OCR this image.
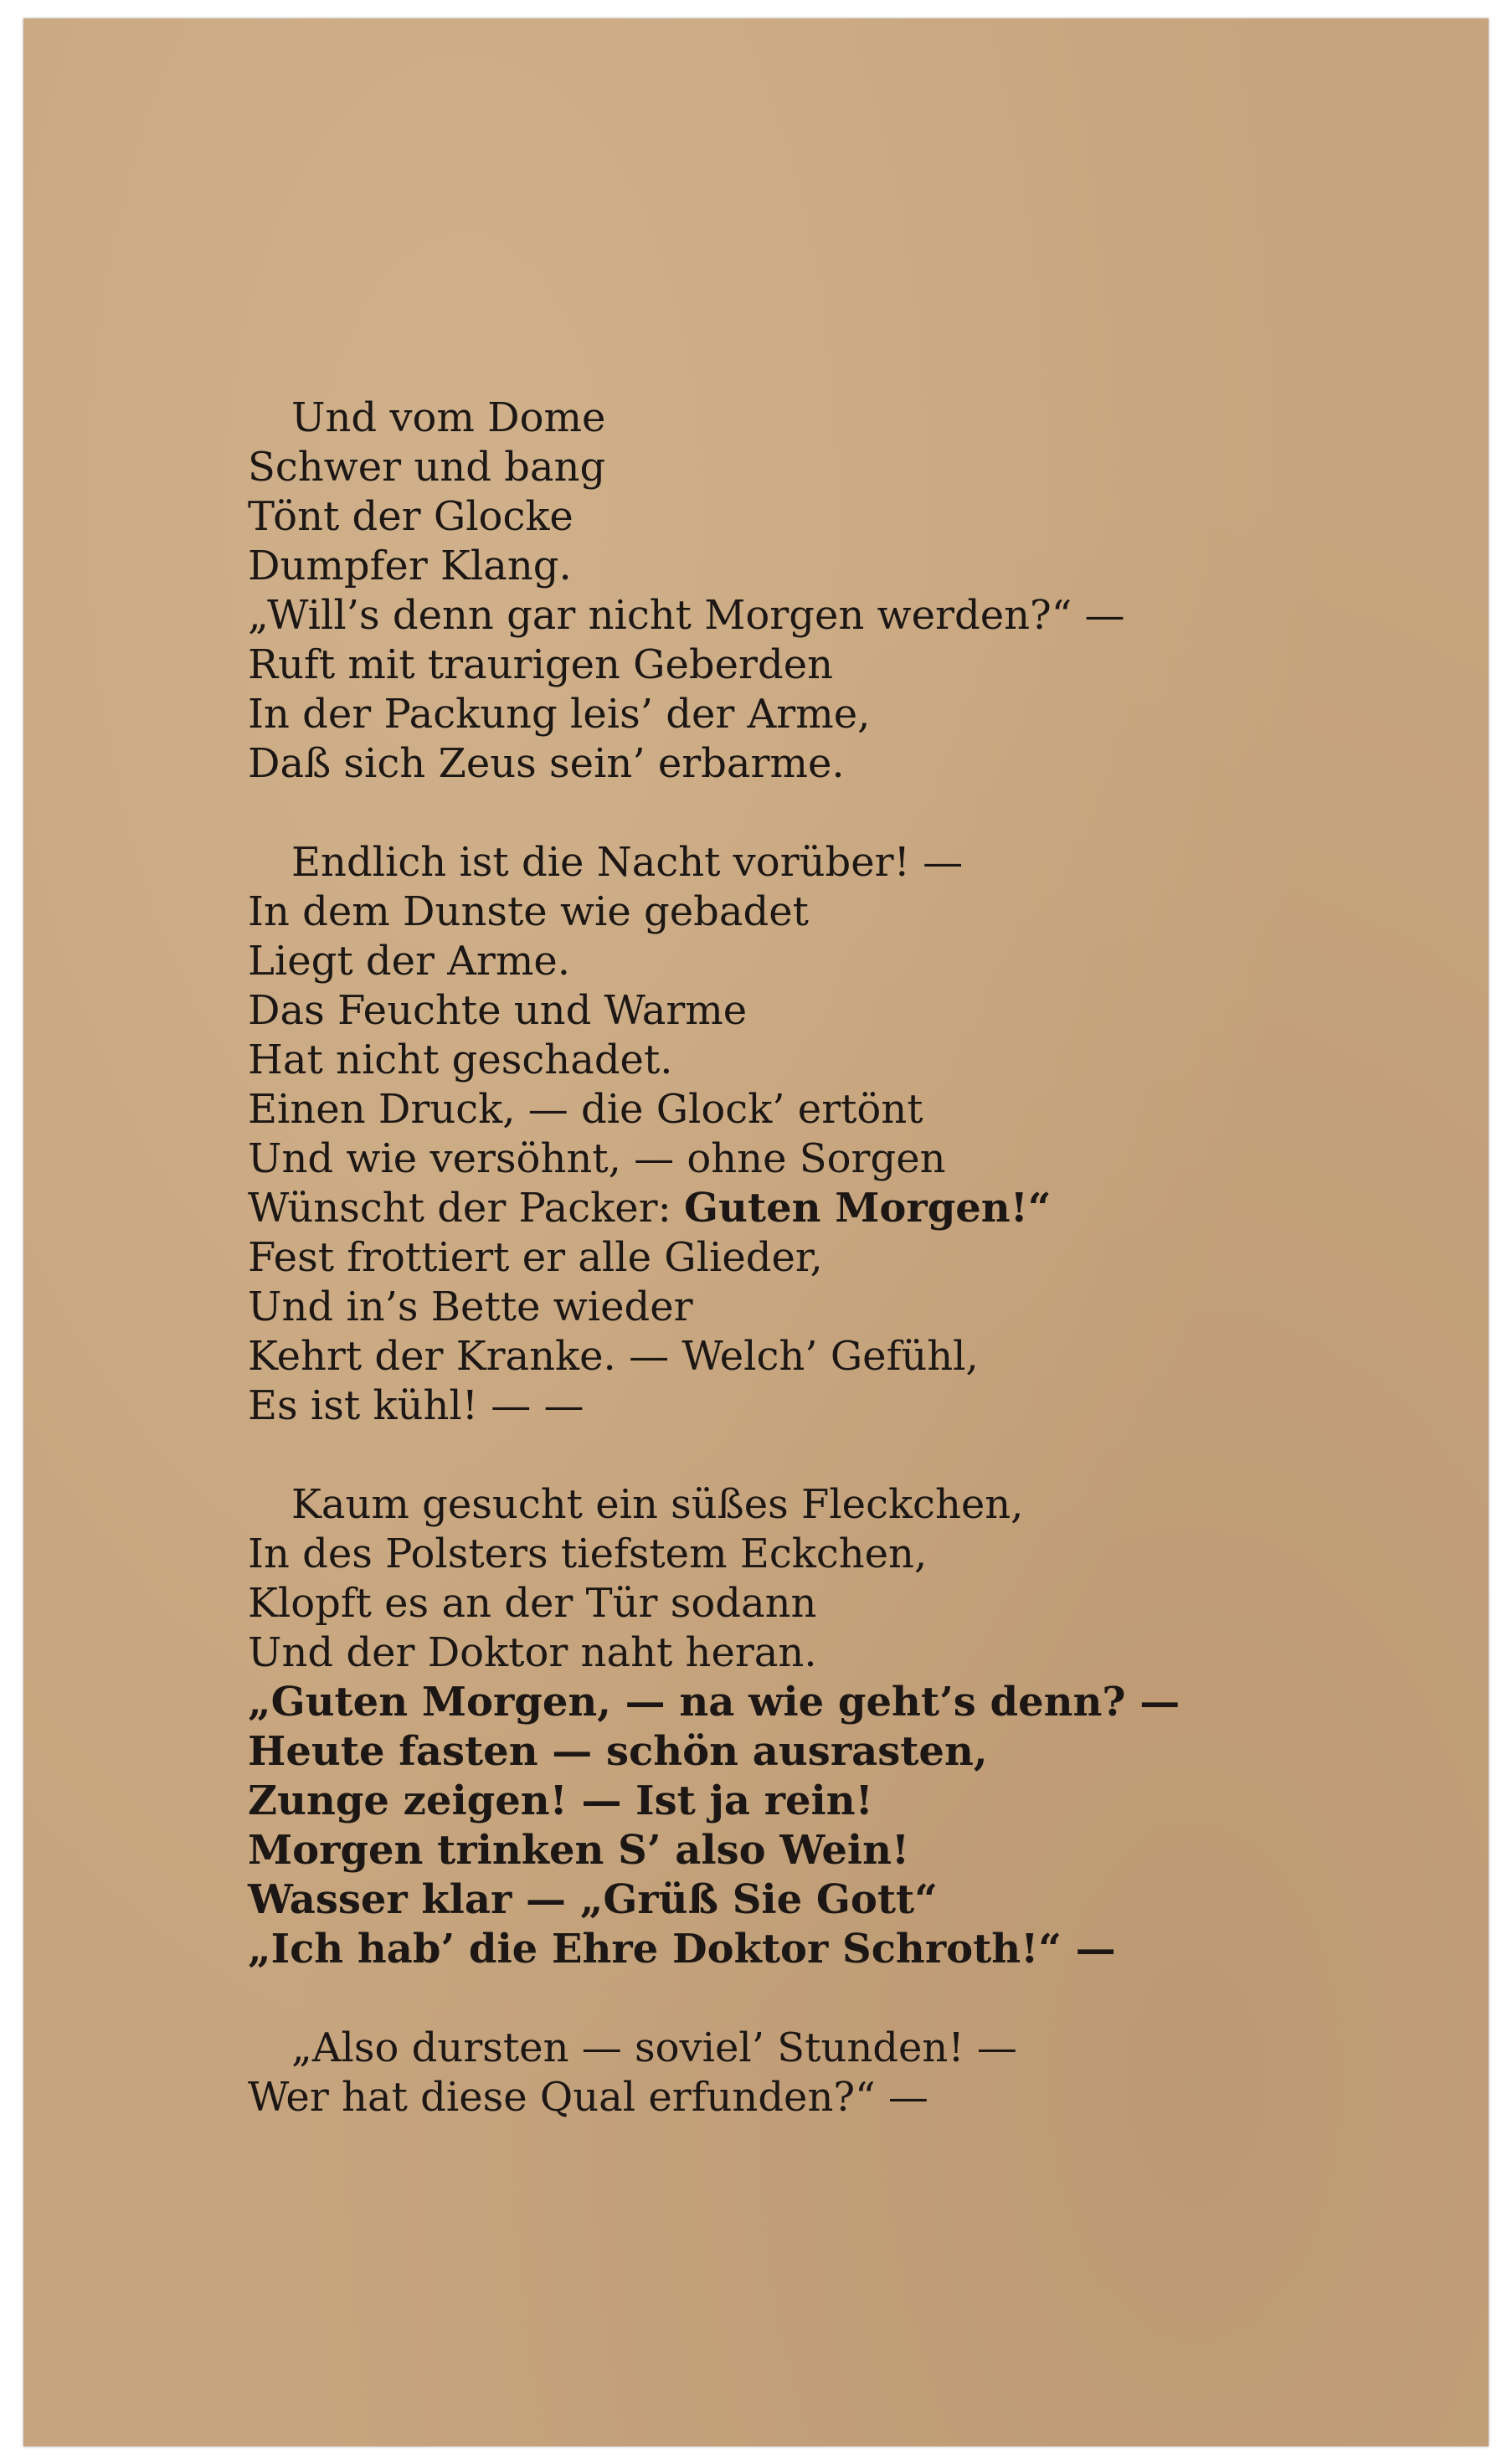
Und vom Dome
Schwer und bang
Tönt der Glocke
Dumpfer Klang.
„Will’s denn gar nicht Morgen werden?“ —
Ruft mit traurigen Geberden
In der Packung leis’ der Arme,
Daß sich Zeus sein’ erbarme.
Endlich ist die Nacht vorüber! —
In dem Dunste wie gebadet
Liegt der Arme.
Das Feuchte und Warme
Hat nicht geschadet.
Einen Druck, — die Glock’ ertönt
Und wie versöhnt, — ohne Sorgen
Wünscht der Packer: Guten Morgen!“
Fest frottiert er alle Glieder,
Und in’s Bette wieder
Kehrt der Kranke. — Welch’ Gefühl,
Es ist kühl! — —
Kaum gesucht ein süßes Fleckchen,
In des Polsters tiefstem Eckchen,
Klopft es an der Tür sodann
Und der Doktor naht heran.
„Guten Morgen, — na wie geht’s denn? —
Heute fasten — schön ausrasten,
Zunge zeigen! — Ist ja rein!
Morgen trinken S’ also Wein!
Wasser klar — „Grüß Sie Gott“
„Ich hab’ die Ehre Doktor Schroth!“ —
„Also dursten — soviel’ Stunden! —
Wer hat diese Qual erfunden?“ —
